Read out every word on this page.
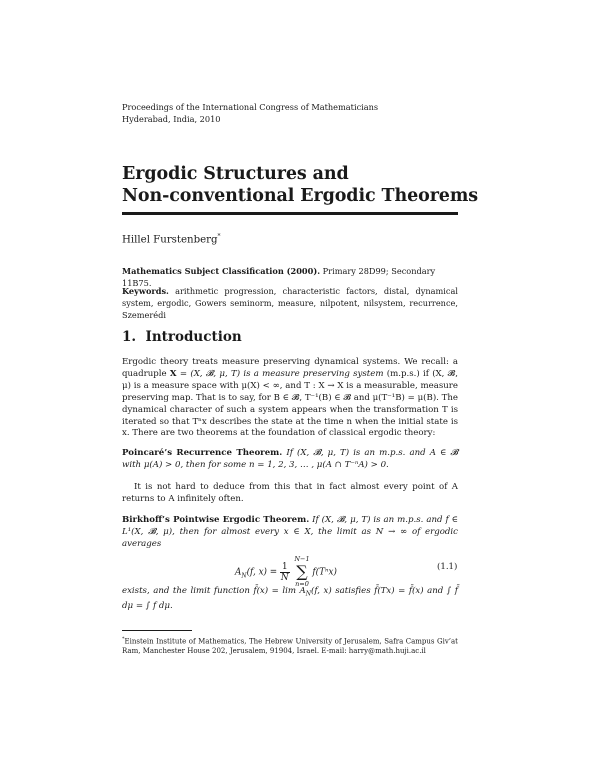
Proceedings of the International Congress of Mathematicians
Hyderabad, India, 2010
Ergodic Structures and
Non-conventional Ergodic Theorems
Hillel Furstenberg*
Mathematics Subject Classification (2000). Primary 28D99; Secondary 11B75.
Keywords. arithmetic progression, characteristic factors, distal, dynamical system, ergodic, Gowers seminorm, measure, nilpotent, nilsystem, recurrence, Szemerédi
1. Introduction
Ergodic theory treats measure preserving dynamical systems. We recall: a quadruple X = (X, 𝓑, μ, T) is a measure preserving system (m.p.s.) if (X, 𝓑, μ) is a measure space with μ(X) < ∞, and T : X → X is a measurable, measure preserving map. That is to say, for B ∈ 𝓑, T⁻¹(B) ∈ 𝓑 and μ(T⁻¹B) = μ(B). The dynamical character of such a system appears when the transformation T is iterated so that Tⁿx describes the state at the time n when the initial state is x. There are two theorems at the foundation of classical ergodic theory:
Poincaré’s Recurrence Theorem. If (X, 𝓑, μ, T) is an m.p.s. and A ∈ 𝓑 with μ(A) > 0, then for some n = 1, 2, 3, … , μ(A ∩ T⁻ⁿA) > 0.
It is not hard to deduce from this that in fact almost every point of A returns to A infinitely often.
Birkhoff’s Pointwise Ergodic Theorem. If (X, 𝓑, μ, T) is an m.p.s. and f ∈ L¹(X, 𝓑, μ), then for almost every x ∈ X, the limit as N → ∞ of ergodic averages
$A_N(f$, $x) = \frac{1}{N}$

N−1
∑
n=0
f(Tⁿx)
(1.1)
exists, and the limit function f̄(x) = $\lim A_N(f$, x) satisfies f̄(Tx) = f̄(x) and ∫ f̄ dμ = ∫ f dμ.
*Einstein Institute of Mathematics, The Hebrew University of Jerusalem, Safra Campus Giv’at Ram, Manchester House 202, Jerusalem, 91904, Israel. E-mail: harry@math.huji.ac.il
